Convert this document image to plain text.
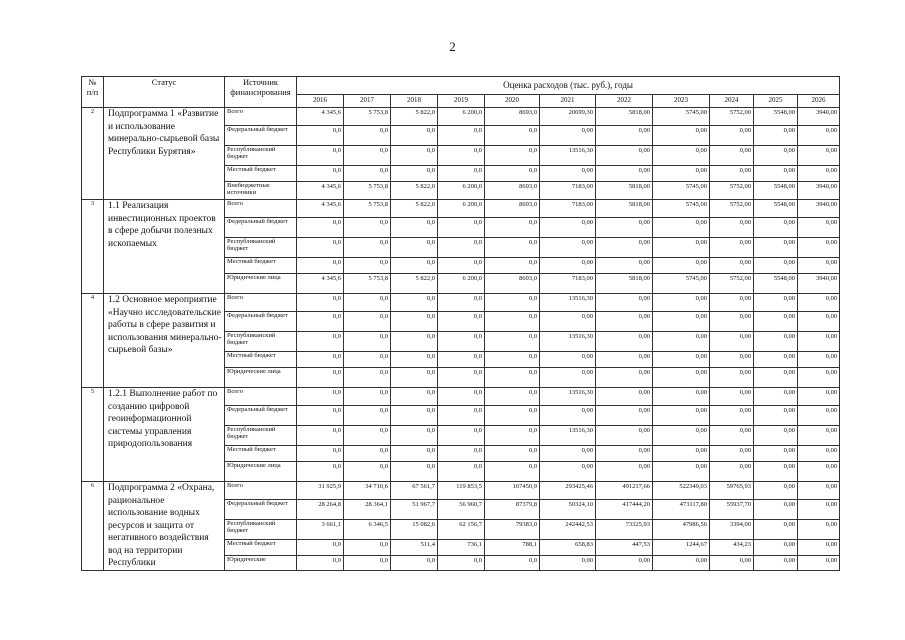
2
№ п/п	Статус	Источник финансирования	Оценка расходов (тыс. руб.), годы										
			2016	2017	2018	2019	2020	2021	2022	2023	2024	2025	2026
2	Подпрограмма 1 «Развитие и использование минерально-сырьевой базы Республики Бурятия»	Всего	4 345,6	5 753,8	5 822,0	6 200,0	8693,0	20699,30	5818,00	5745,00	5752,00	5548,00	3940,00
		Федеральный бюджет	0,0	0,0	0,0	0,0	0,0	0,00	0,00	0,00	0,00	0,00	0,00
		Республиканский бюджет	0,0	0,0	0,0	0,0	0,0	13516,30	0,00	0,00	0,00	0,00	0,00
		Местный бюджет	0,0	0,0	0,0	0,0	0,0	0,00	0,00	0,00	0,00	0,00	0,00
		Внебюджетные источники	4 345,6	5 753,8	5 822,0	6 200,0	8693,0	7183,00	5818,00	5745,00	5752,00	5548,00	3940,00
3	1.1 Реализация инвестиционных проектов в сфере добычи полезных ископаемых	Всего	4 345,6	5 753,8	5 822,0	6 200,0	8693,0	7183,00	5818,00	5745,00	5752,00	5548,00	3940,00
		Федеральный бюджет	0,0	0,0	0,0	0,0	0,0	0,00	0,00	0,00	0,00	0,00	0,00
		Республиканский бюджет	0,0	0,0	0,0	0,0	0,0	0,00	0,00	0,00	0,00	0,00	0,00
		Местный бюджет	0,0	0,0	0,0	0,0	0,0	0,00	0,00	0,00	0,00	0,00	0,00
		Юридические лица	4 345,6	5 753,8	5 822,0	6 200,0	8693,0	7183,00	5818,00	5745,00	5752,00	5548,00	3940,00
4	1.2 Основное мероприятие «Научно исследовательские работы в сфере развития и использования минерально-сырьевой базы»	Всего	0,0	0,0	0,0	0,0	0,0	13516,30	0,00	0,00	0,00	0,00	0,00
		Федеральный бюджет	0,0	0,0	0,0	0,0	0,0	0,00	0,00	0,00	0,00	0,00	0,00
		Республиканский бюджет	0,0	0,0	0,0	0,0	0,0	13516,30	0,00	0,00	0,00	0,00	0,00
		Местный бюджет	0,0	0,0	0,0	0,0	0,0	0,00	0,00	0,00	0,00	0,00	0,00
		Юридические лица	0,0	0,0	0,0	0,0	0,0	0,00	0,00	0,00	0,00	0,00	0,00
5	1.2.1 Выполнение работ по созданию цифровой геоинформационной системы управления природопользования	Всего	0,0	0,0	0,0	0,0	0,0	13516,30	0,00	0,00	0,00	0,00	0,00
		Федеральный бюджет	0,0	0,0	0,0	0,0	0,0	0,00	0,00	0,00	0,00	0,00	0,00
		Республиканский бюджет	0,0	0,0	0,0	0,0	0,0	13516,30	0,00	0,00	0,00	0,00	0,00
		Местный бюджет	0,0	0,0	0,0	0,0	0,0	0,00	0,00	0,00	0,00	0,00	0,00
		Юридические лица	0,0	0,0	0,0	0,0	0,0	0,00	0,00	0,00	0,00	0,00	0,00
6	Подпрограмма 2 «Охрана, рациональное использование водных ресурсов и защита от негативного воздействия вод на территории Республики	Всего	31 925,9	34 710,6	67 561,7	119 853,5	167450,9	293425,46	491217,66	522349,03	59765,93	0,00	0,00
		Федеральный бюджет	28 264,8	28 364,1	51 967,7	56 960,7	87379,8	50324,10	417444,20	473117,80	55937,70	0,00	0,00
		Республиканский бюджет	3 661,1	6 346,5	15 082,6	62 156,7	79383,0	242442,53	73325,93	47986,56	3394,00	0,00	0,00
		Местный бюджет	0,0	0,0	511,4	736,1	788,1	658,83	447,53	1244,67	434,23	0,00	0,00
		Юридические	0,0	0,0	0,0	0,0	0,0	0,00	0,00	0,00	0,00	0,00	0,00
